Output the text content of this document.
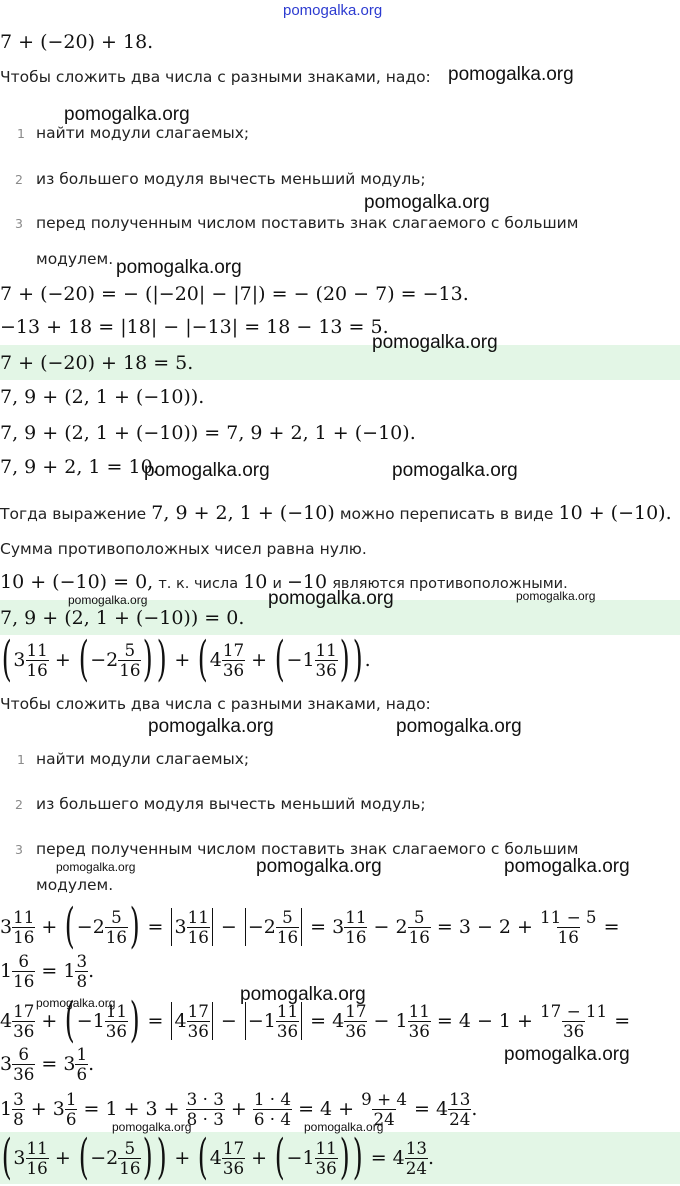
pomogalka.org
7 + (−20) + 18.
Чтобы сложить два числа с разными знаками, надо:
1 найти модули слагаемых;
2 из большего модуля вычесть меньший модуль;
3 перед полученным числом поставить знак слагаемого с большим
модулем.
7 + (−20) = − (|−20| − |7|) = − (20 − 7) = −13.
−13 + 18 = |18| − |−13| = 18 − 13 = 5.
7 + (−20) + 18 = 5.
7, 9 + (2, 1 + (−10)).
7, 9 + (2, 1 + (−10)) = 7, 9 + 2, 1 + (−10).
7, 9 + 2, 1 = 10.
Тогда выражение 7, 9 + 2, 1 + (−10) можно переписать в виде 10 + (−10).
Сумма противоположных чисел равна нулю.
10 + (−10) = 0, т. к. числа 10 и −10 являются противоположными.
7, 9 + (2, 1 + (−10)) = 0.
( 3 11
16 + ( −2 5
16 ) ) + ( 4 17
36 + ( −1 11
36 ) ) .
Чтобы сложить два числа с разными знаками, надо:
1 найти модули слагаемых;
2 из большего модуля вычесть меньший модуль;
3 перед полученным числом поставить знак слагаемого с большим
модулем.
3 11
16 + ( −2 5
16 ) = 3 11
16 − −2 5
16 = 3 11
16 − 2 5
16 = 3 − 2 +
$\frac{11 - 5}{16}$ =
1 6
16 = 1 3
8 .
4 17
36 + ( −1 11
36 ) = 4 17
36 − −1 11
36 = 4 17
36 − 1 11
36 = 4 − 1 +
$\frac{17 - 11}{36}$ =
3 6
36 = 3 1
6 .
1 3
8 + 3 1
6 = 1 + 3 +
$\frac{3 \cdot 3}{8 \cdot 3} + 1 \cdot 4$
6 · 4 = 4 +
$\frac{9 + 4}{24} = 4$ 13
24 .
( 3 11
16 + ( −2 5
16 ) ) + ( 4 17
36 + ( −1 11
36 ) ) = 4 13
24 .
pomogalka.org
pomogalka.org
pomogalka.org
pomogalka.org
pomogalka.org
pomogalka.org	pomogalka.org
pomogalka.org	pomogalka.org	pomogalka.org
pomogalka.org	pomogalka.org
pomogalka.org	pomogalka.org	pomogalka.org
pomogalka.org	pomogalka.org
pomogalka.org
pomogalka.org	pomogalka.org
